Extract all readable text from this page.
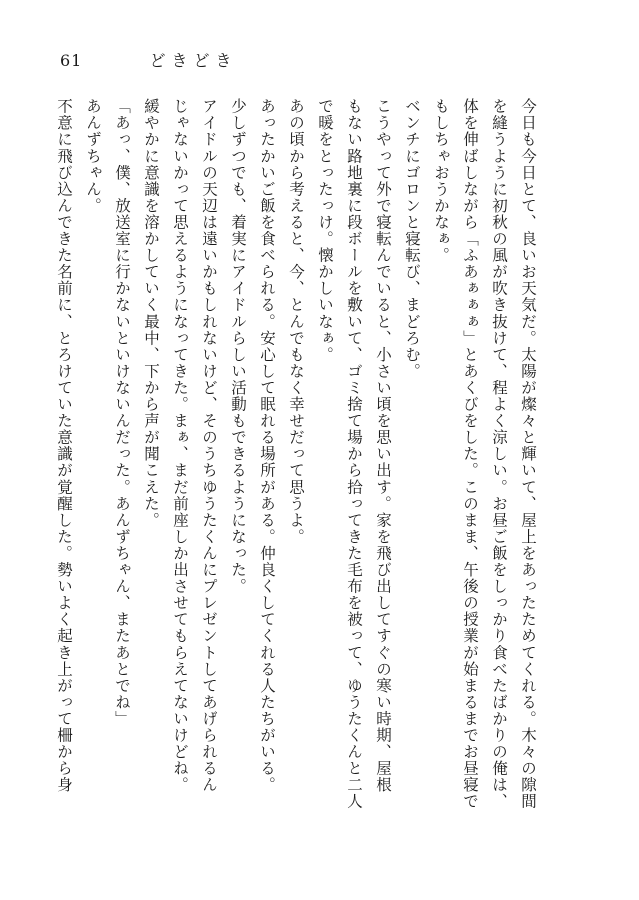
61	どきどき
今日も今日とて、良いお天気だ。太陽が燦々と輝いて、屋上をあったためてくれる。木々の隙間
を縫うように初秋の風が吹き抜けて、程よく涼しい。お昼ご飯をしっかり食べたばかりの俺は、
体を伸ばしながら「ふあぁぁぁ」とあくびをした。このまま、午後の授業が始まるまでお昼寝で
もしちゃおうかなぁ。
ベンチにゴロンと寝転び、まどろむ。
こうやって外で寝転んでいると、小さい頃を思い出す。家を飛び出してすぐの寒い時期、屋根
もない路地裏に段ボールを敷いて、ゴミ捨て場から拾ってきた毛布を被って、ゆうたくんと二人
で暖をとったっけ。懐かしいなぁ。
あの頃から考えると、今、とんでもなく幸せだって思うよ。
あったかいご飯を食べられる。安心して眠れる場所がある。仲良くしてくれる人たちがいる。
少しずつでも、着実にアイドルらしい活動もできるようになった。
アイドルの天辺は遠いかもしれないけど、そのうちゆうたくんにプレゼントしてあげられるん
じゃないかって思えるようになってきた。まぁ、まだ前座しか出させてもらえてないけどね。
緩やかに意識を溶かしていく最中、下から声が聞こえた。
「あっ、僕、放送室に行かないといけないんだった。あんずちゃん、またあとでね」
あんずちゃん。
不意に飛び込んできた名前に、とろけていた意識が覚醒した。勢いよく起き上がって柵から身
